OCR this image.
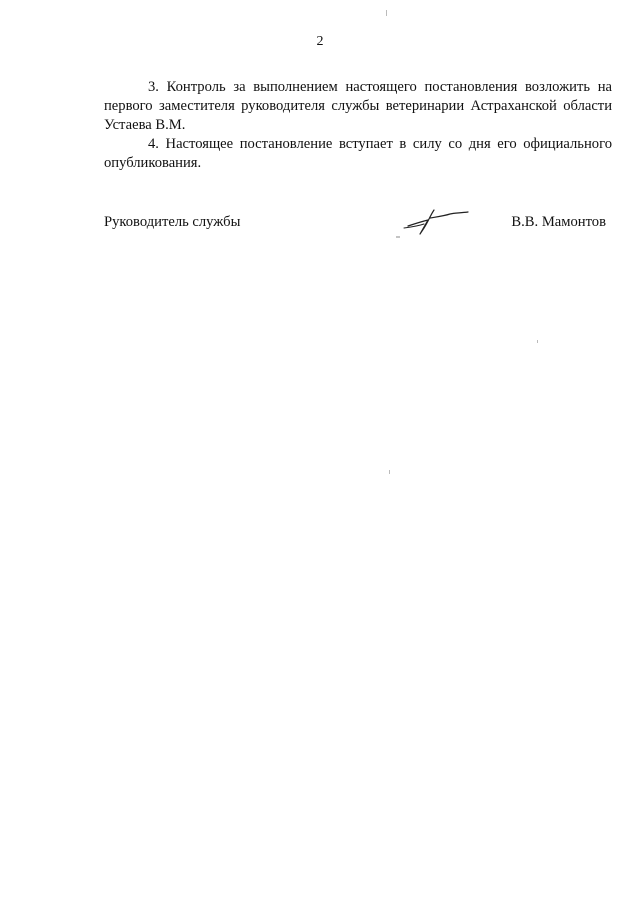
2

3. Контроль за выполнением настоящего постановления возложить на первого заместителя руководителя службы ветеринарии Астраханской области Устаева В.М.

4. Настоящее постановление вступает в силу со дня его официального опубликования.

Руководитель службы	В.В. Мамонтов
